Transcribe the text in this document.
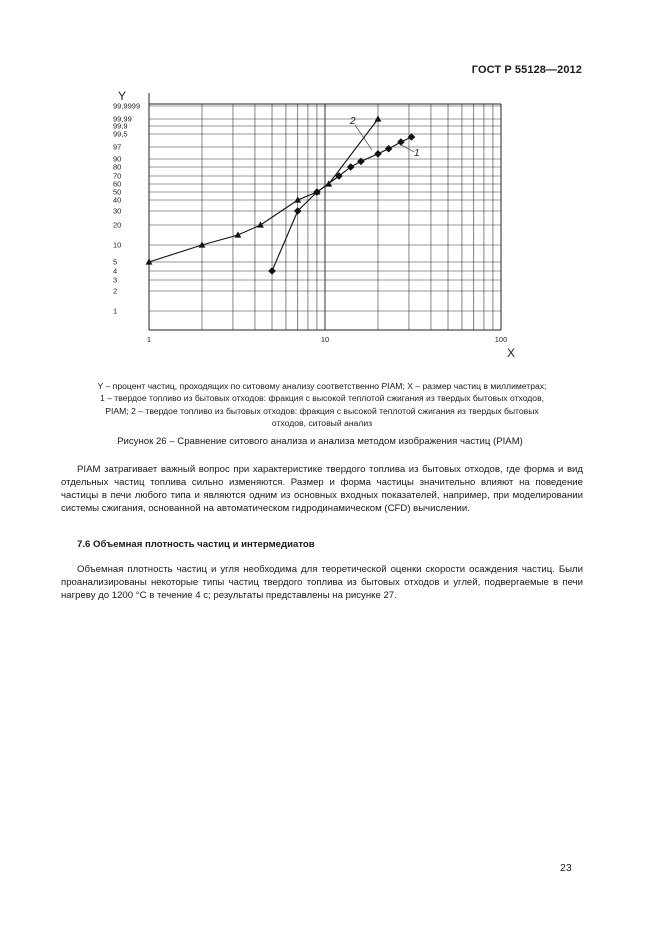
ГОСТ Р 55128—2012
99,9999
99,99
99,9
99,5
97
90
80
70
60
50
40
30
20
10
5
4
3
2
1
1	10	100
Y
X
2
1

Y – процент частиц, проходящих по ситовому анализу соответственно PIAM; X – размер частиц в миллиметрах;

1 – твердое топливо из бытовых отходов: фракция с высокой теплотой сжигания из твердых бытовых отходов,

PIAM; 2 – твердое топливо из бытовых отходов: фракция с высокой теплотой сжигания из твердых бытовых

отходов, ситовый анализ

Рисунок 26 – Сравнение ситового анализа и анализа методом изображения частиц (PIAM)

PIAM затрагивает важный вопрос при характеристике твердого топлива из бытовых отходов, где форма и вид отдельных частиц топлива сильно изменяются. Размер и форма частицы значительно влияют на поведение частицы в печи любого типа и являются одним из основных входных показателей, например, при моделировании системы сжигания, основанной на автоматическом гидродинамическом (CFD) вычислении.

7.6 Объемная плотность частиц и интермедиатов

Объемная плотность частиц и угля необходима для теоретической оценки скорости осаждения частиц. Были проанализированы некоторые типы частиц твердого топлива из бытовых отходов и углей, подвергаемые в печи нагреву до 1200 °С в течение 4 с; результаты представлены на рисунке 27.

23
